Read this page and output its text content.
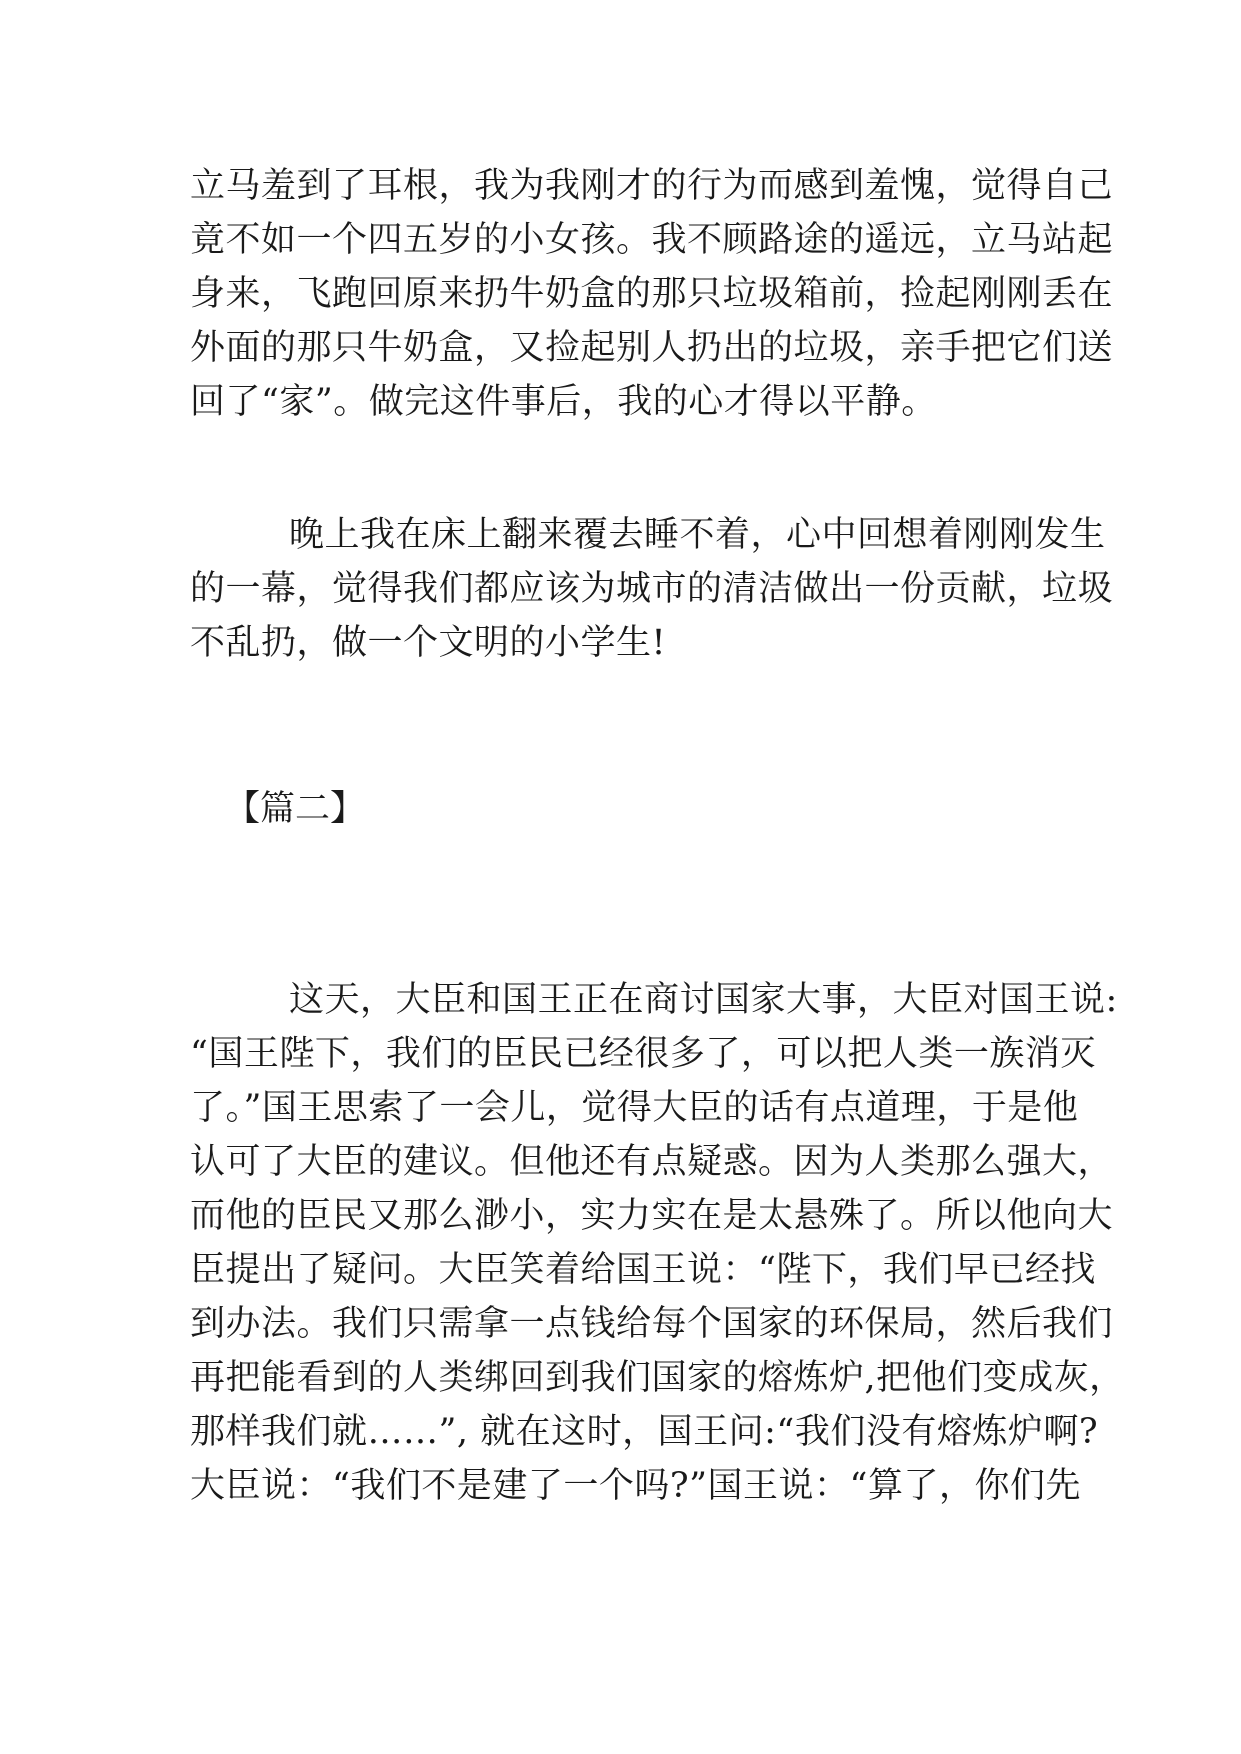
立马羞到了耳根，我为我刚才的行为而感到羞愧，觉得自己
竟不如一个四五岁的小女孩。我不顾路途的遥远，立马站起
身来，飞跑回原来扔牛奶盒的那只垃圾箱前，捡起刚刚丢在
外面的那只牛奶盒，又捡起别人扔出的垃圾，亲手把它们送
回了“家”。做完这件事后，我的心才得以平静。
晚上我在床上翻来覆去睡不着，心中回想着刚刚发生
的一幕，觉得我们都应该为城市的清洁做出一份贡献，垃圾
不乱扔，做一个文明的小学生!
【篇二】
这天，大臣和国王正在商讨国家大事，大臣对国王说:
“国王陛下，我们的臣民已经很多了，可以把人类一族消灭
了。”国王思索了一会儿，觉得大臣的话有点道理，于是他
认可了大臣的建议。但他还有点疑惑。因为人类那么强大，
而他的臣民又那么渺小，实力实在是太悬殊了。所以他向大
臣提出了疑问。大臣笑着给国王说：“陛下，我们早已经找
到办法。我们只需拿一点钱给每个国家的环保局，然后我们
再把能看到的人类绑回到我们国家的熔炼炉,把他们变成灰，
那样我们就……”, 就在这时，国王问:“我们没有熔炼炉啊?
大臣说：“我们不是建了一个吗?”国王说：“算了，你们先
